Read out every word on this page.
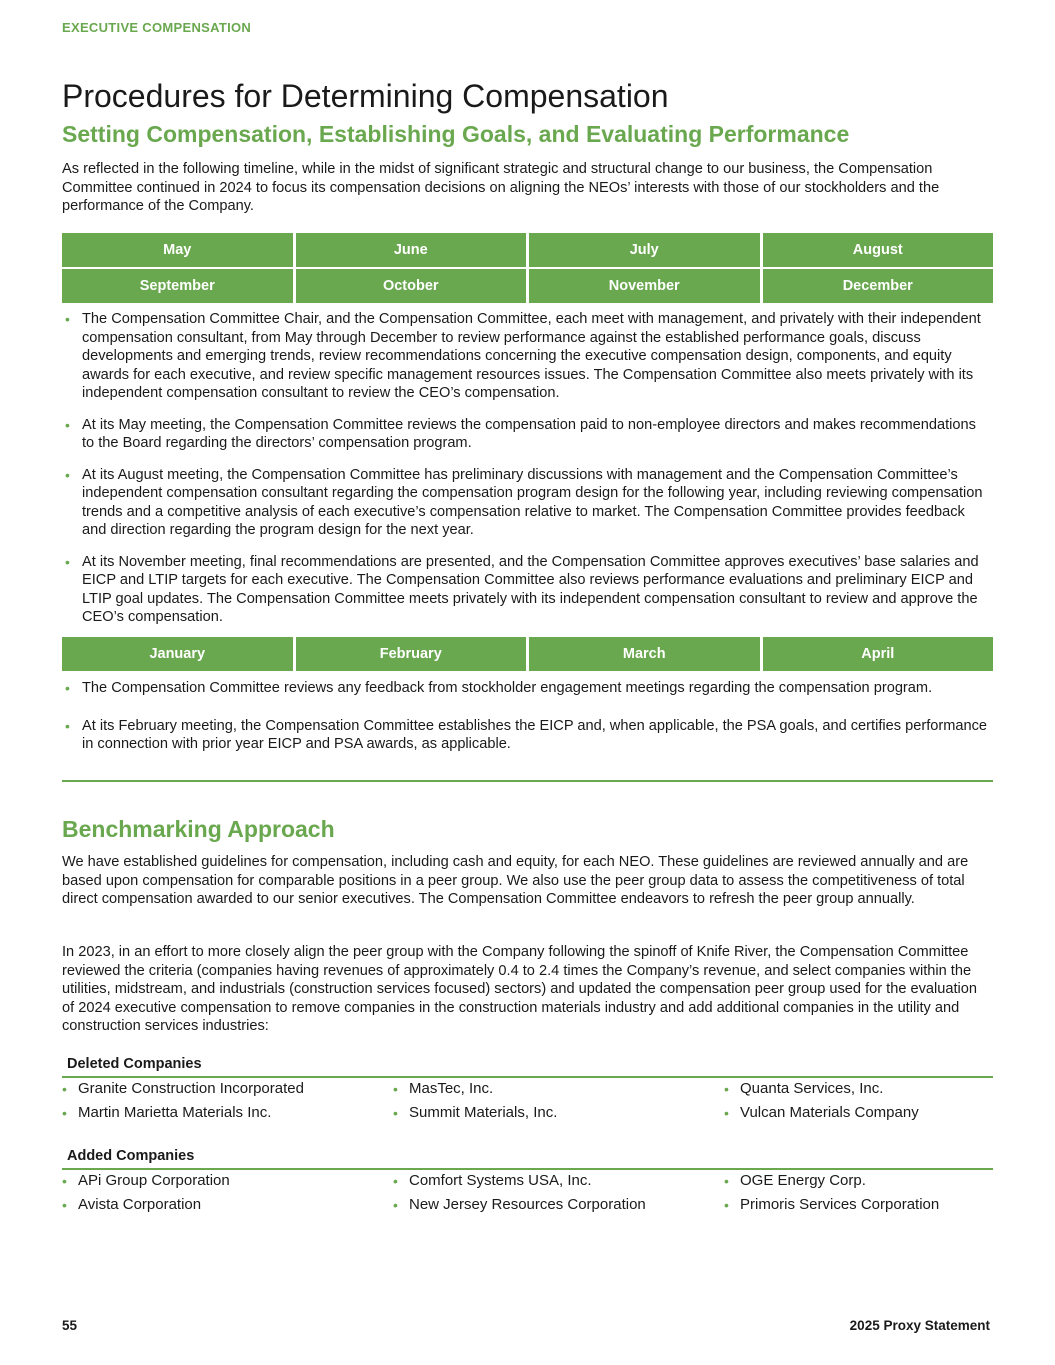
EXECUTIVE COMPENSATION
Procedures for Determining Compensation
Setting Compensation, Establishing Goals, and Evaluating Performance

As reflected in the following timeline, while in the midst of significant strategic and structural change to our business, the Compensation Committee continued in 2024 to focus its compensation decisions on aligning the NEOs’ interests with those of our stockholders and the performance of the Company.

May	June	July	August
September	October	November	December
• The Compensation Committee Chair, and the Compensation Committee, each meet with management, and privately with their independent compensation consultant, from May through December to review performance against the established performance goals, discuss developments and emerging trends, review recommendations concerning the executive compensation design, components, and equity awards for each executive, and review specific management resources issues. The Compensation Committee also meets privately with its independent compensation consultant to review the CEO’s compensation.
• At its May meeting, the Compensation Committee reviews the compensation paid to non-employee directors and makes recommendations to the Board regarding the directors’ compensation program.
• At its August meeting, the Compensation Committee has preliminary discussions with management and the Compensation Committee’s independent compensation consultant regarding the compensation program design for the following year, including reviewing compensation trends and a competitive analysis of each executive’s compensation relative to market. The Compensation Committee provides feedback and direction regarding the program design for the next year.
• At its November meeting, final recommendations are presented, and the Compensation Committee approves executives’ base salaries and EICP and LTIP targets for each executive. The Compensation Committee also reviews performance evaluations and preliminary EICP and LTIP goal updates. The Compensation Committee meets privately with its independent compensation consultant to review and approve the CEO’s compensation.
January	February	March	April
• The Compensation Committee reviews any feedback from stockholder engagement meetings regarding the compensation program.
• At its February meeting, the Compensation Committee establishes the EICP and, when applicable, the PSA goals, and certifies performance in connection with prior year EICP and PSA awards, as applicable.
Benchmarking Approach

We have established guidelines for compensation, including cash and equity, for each NEO. These guidelines are reviewed annually and are based upon compensation for comparable positions in a peer group. We also use the peer group data to assess the competitiveness of total direct compensation awarded to our senior executives. The Compensation Committee endeavors to refresh the peer group annually.

In 2023, in an effort to more closely align the peer group with the Company following the spinoff of Knife River, the Compensation Committee reviewed the criteria (companies having revenues of approximately 0.4 to 2.4 times the Company’s revenue, and select companies within the utilities, midstream, and industrials (construction services focused) sectors) and updated the compensation peer group used for the evaluation of 2024 executive compensation to remove companies in the construction materials industry and add additional companies in the utility and construction services industries:

Deleted Companies
• Granite Construction Incorporated
• Martin Marietta Materials Inc.
• MasTec, Inc.
• Summit Materials, Inc.
• Quanta Services, Inc.
• Vulcan Materials Company
Added Companies
• APi Group Corporation
• Avista Corporation
• Comfort Systems USA, Inc.
• New Jersey Resources Corporation
• OGE Energy Corp.
• Primoris Services Corporation
55	2025 Proxy Statement
